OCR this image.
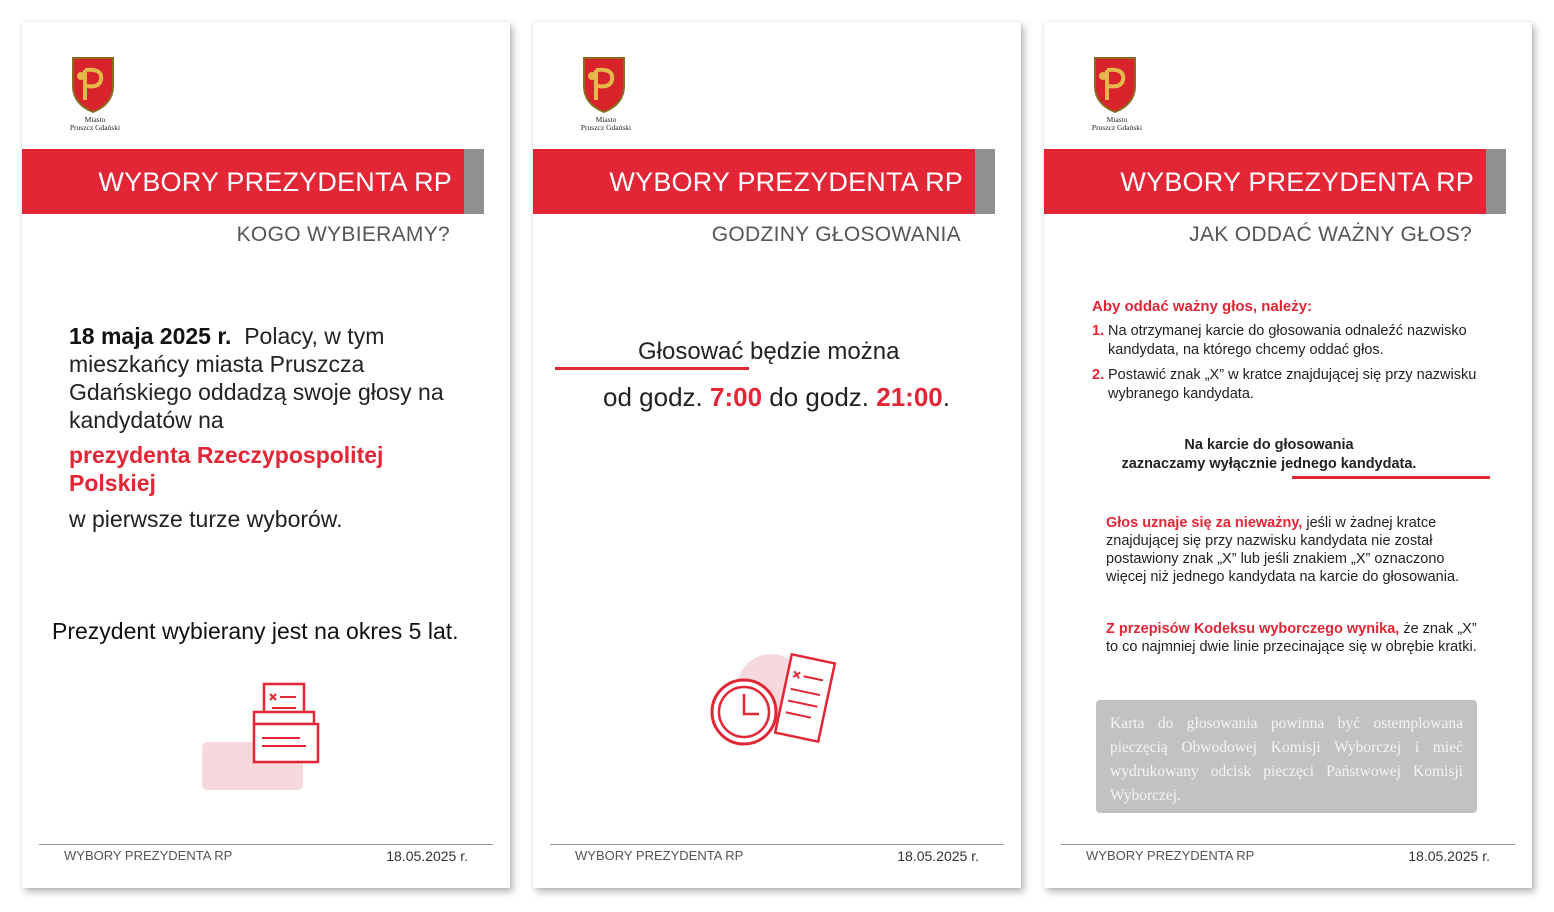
Miasto
Pruszcz Gdański
WYBORY PREZYDENTA RP
KOGO WYBIERAMY?
18 maja 2025 r. Polacy, w tym mieszkańcy miasta Pruszcza Gdańskiego oddadzą swoje głosy na kandydatów na
prezydenta Rzeczypospolitej Polskiej
w pierwsze turze wyborów.
Prezydent wybierany jest na okres 5 lat.
WYBORY PREZYDENTA RP	18.05.2025 r.
Miasto
Pruszcz Gdański
WYBORY PREZYDENTA RP
GODZINY GŁOSOWANIA
Głosować będzie można
od godz. 7:00 do godz. 21:00.
WYBORY PREZYDENTA RP	18.05.2025 r.
Miasto
Pruszcz Gdański
WYBORY PREZYDENTA RP
JAK ODDAĆ WAŻNY GŁOS?
Aby oddać ważny głos, należy:
1. Na otrzymanej karcie do głosowania odnaleźć nazwisko kandydata, na którego chcemy oddać głos.
2. Postawić znak „X” w kratce znajdującej się przy nazwisku wybranego kandydata.
Na karcie do głosowania
zaznaczamy wyłącznie jednego kandydata.
Głos uznaje się za nieważny, jeśli w żadnej kratce znajdującej się przy nazwisku kandydata nie został postawiony znak „X” lub jeśli znakiem „X” oznaczono więcej niż jednego kandydata na karcie do głosowania.
Z przepisów Kodeksu wyborczego wynika, że znak „X” to co najmniej dwie linie przecinające się w obrębie kratki.
Karta do głosowania powinna być ostemplowana pieczęcią Obwodowej Komisji Wyborczej i mieć wydrukowany odcisk pieczęci Państwowej Komisji Wyborczej.
WYBORY PREZYDENTA RP	18.05.2025 r.
